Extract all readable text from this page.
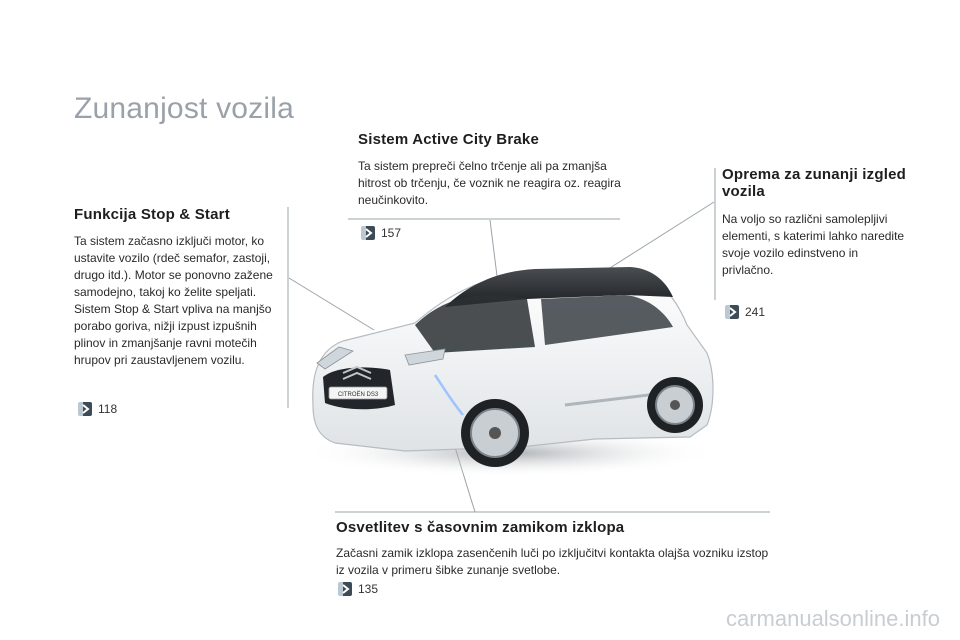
Zunanjost vozila
Funkcija Stop & Start

Ta sistem začasno izključi motor, ko ustavite vozilo (rdeč semafor, zastoji, drugo itd.). Motor se ponovno zažene samodejno, takoj ko želite speljati. Sistem Stop & Start vpliva na manjšo porabo goriva, nižji izpust izpušnih plinov in zmanjšanje ravni motečih hrupov pri zaustavljenem vozilu.

118
Sistem Active City Brake

Ta sistem prepreči čelno trčenje ali pa zmanjša hitrost ob trčenju, če voznik ne reagira oz. reagira neučinkovito.

157
Oprema za zunanji izgled vozila

Na voljo so različni samolepljivi elementi, s katerimi lahko naredite svoje vozilo edinstveno in privlačno.

241
Osvetlitev s časovnim zamikom izklopa

Začasni zamik izklopa zasenčenih luči po izključitvi kontakta olajša vozniku izstop iz vozila v primeru šibke zunanje svetlobe.

135
CITROËN DS3
carmanualsonline.info
